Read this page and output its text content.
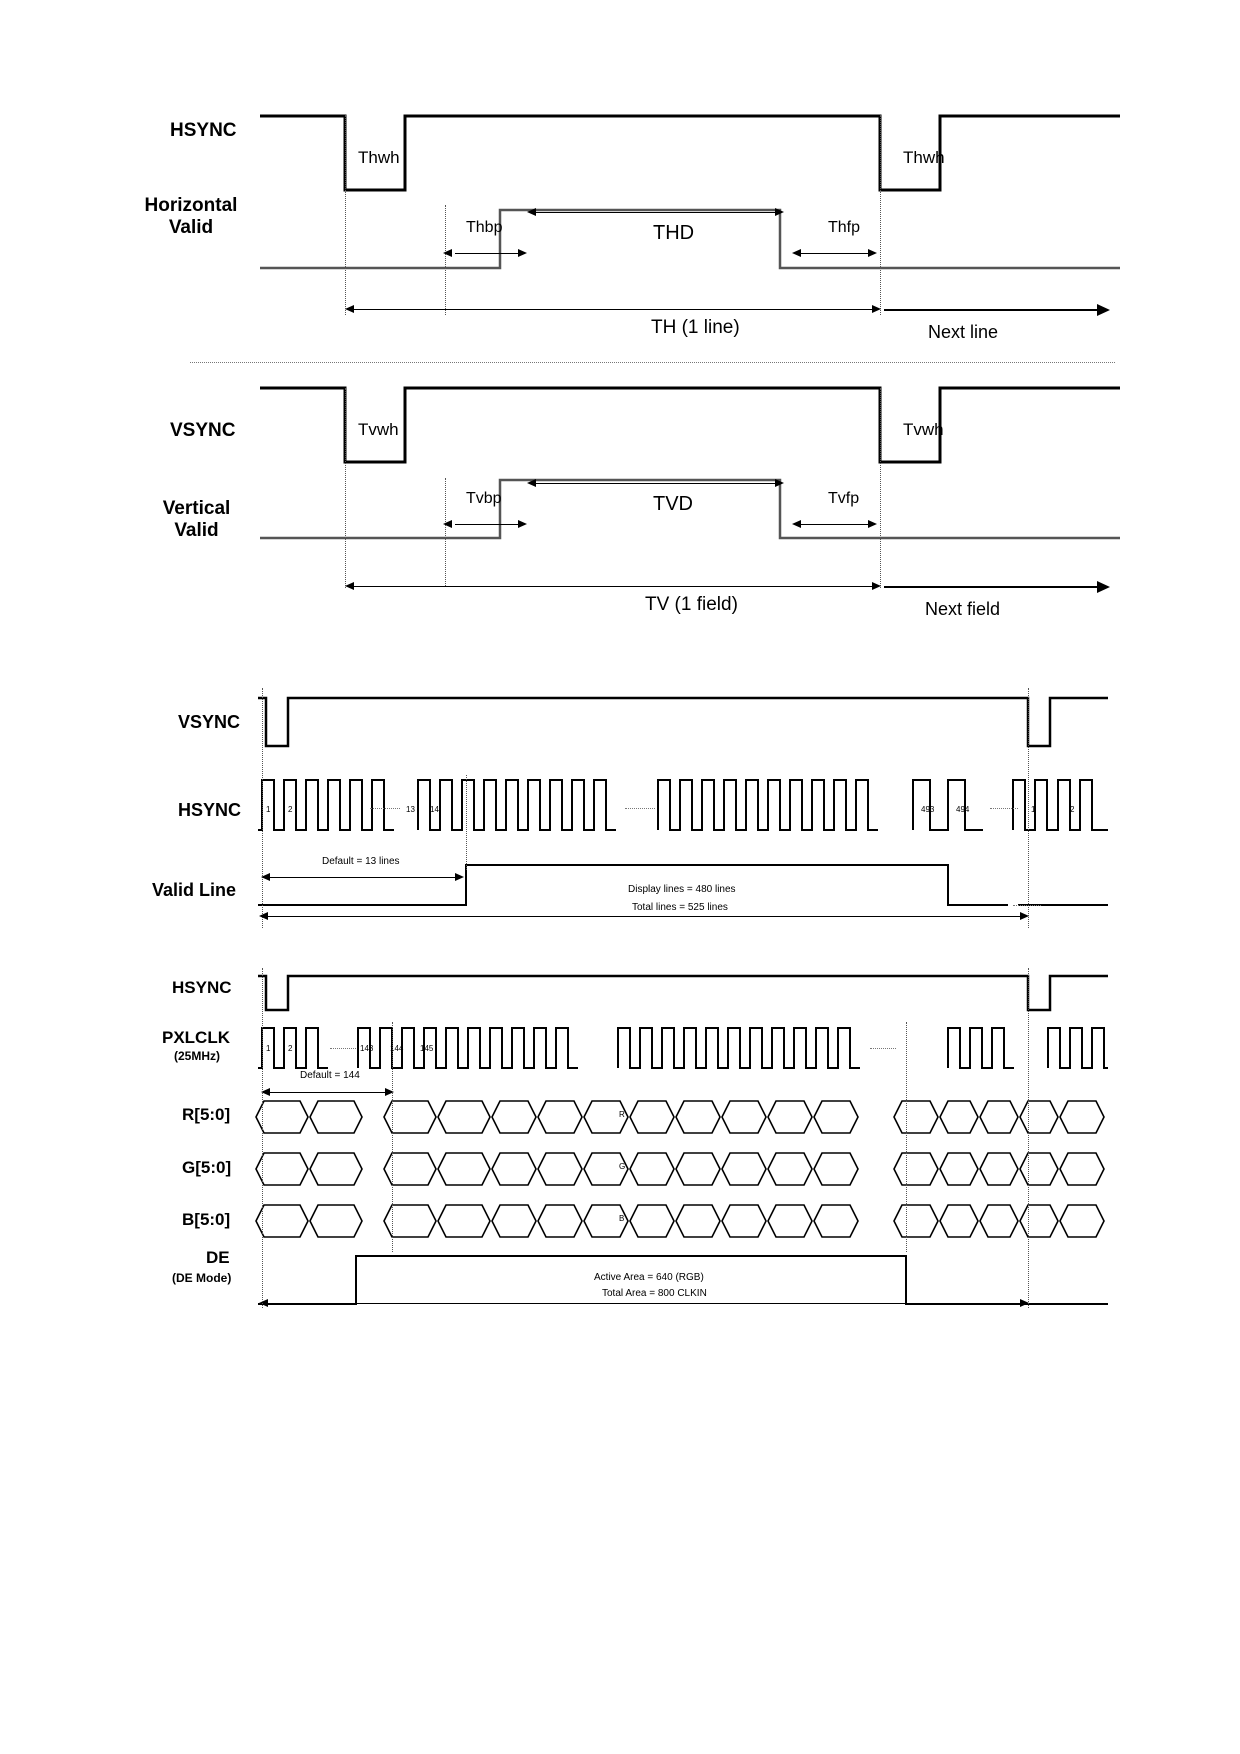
HSYNC
Horizontal
Valid
Thwh	Thwh
Thbp	THD	Thfp
TH (1 line)	Next line
VSYNC
Vertical
Valid
Tvwh	Tvwh
Tvbp	TVD	Tvfp
TV (1 field)	Next field
VSYNC
HSYNC
Valid Line
1 2	13 14	493	494	1	2
Default = 13 lines
Display lines = 480 lines
Total lines = 525 lines
HSYNC
PXLCLK
(25MHz)
R[5:0]
G[5:0]
B[5:0]
DE
(DE Mode)
1 2	143 144 145
Default = 144
R
G
B
Active Area = 640 (RGB)
Total Area = 800 CLKIN
